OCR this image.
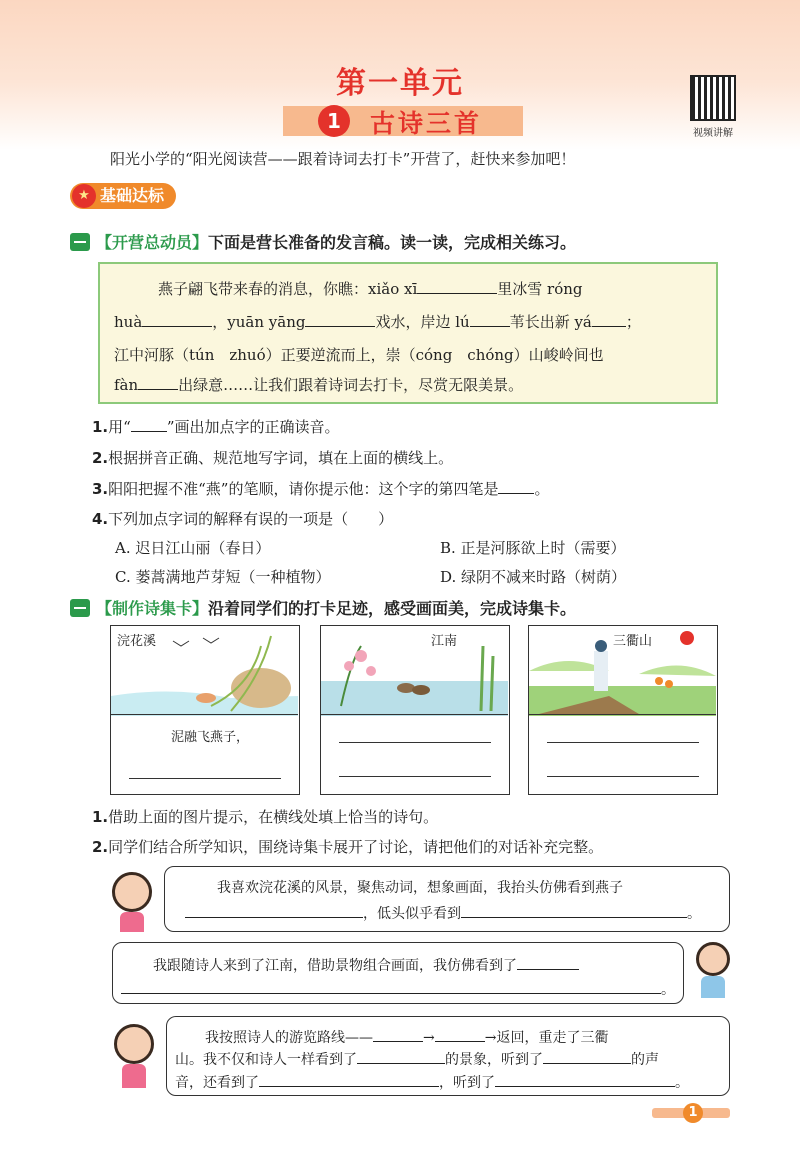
第一单元
1	古诗三首	视频讲解
阳光小学的“阳光阅读营——跟着诗词去打卡”开营了，赶快来参加吧！
基础达标
★
【开营总动员】下面是营长准备的发言稿。读一读，完成相关练习。
燕子翩飞带来春的消息，你瞧：xiǎo xī	里冰雪 róng
huà	，yuān yāng	戏水，岸边 lú	苇长出新 yá ；
江中河豚（tún　zhuó）正要逆流而上，崇（cóng　chóng）山峻岭间也
fàn	出绿意……让我们跟着诗词去打卡，尽赏无限美景。
1.用“ ”画出加点字的正确读音。
2.根据拼音正确、规范地写字词，填在上面的横线上。
3.阳阳把握不准“燕”的笔顺，请你提示他：这个字的第四笔是 。
4.下列加点字词的解释有误的一项是（　　）
A. 迟日江山丽（春日）	B. 正是河豚欲上时（需要）
C. 蒌蒿满地芦芽短（一种植物）	D. 绿阴不减来时路（树荫）
【制作诗集卡】沿着同学们的打卡足迹，感受画面美，完成诗集卡。
浣花溪
泥融飞燕子，
江南	三衢山
1.借助上面的图片提示，在横线处填上恰当的诗句。
2.同学们结合所学知识，围绕诗集卡展开了讨论，请把他们的对话补充完整。
我喜欢浣花溪的风景，聚焦动词，想象画面，我抬头仿佛看到燕子
，低头似乎看到	。
我跟随诗人来到了江南，借助景物组合画面，我仿佛看到了
。
我按照诗人的游览路线——	→	→返回，重走了三衢
山。我不仅和诗人一样看到了	的景象，听到了	的声
音，还看到了	，听到了	。
1
